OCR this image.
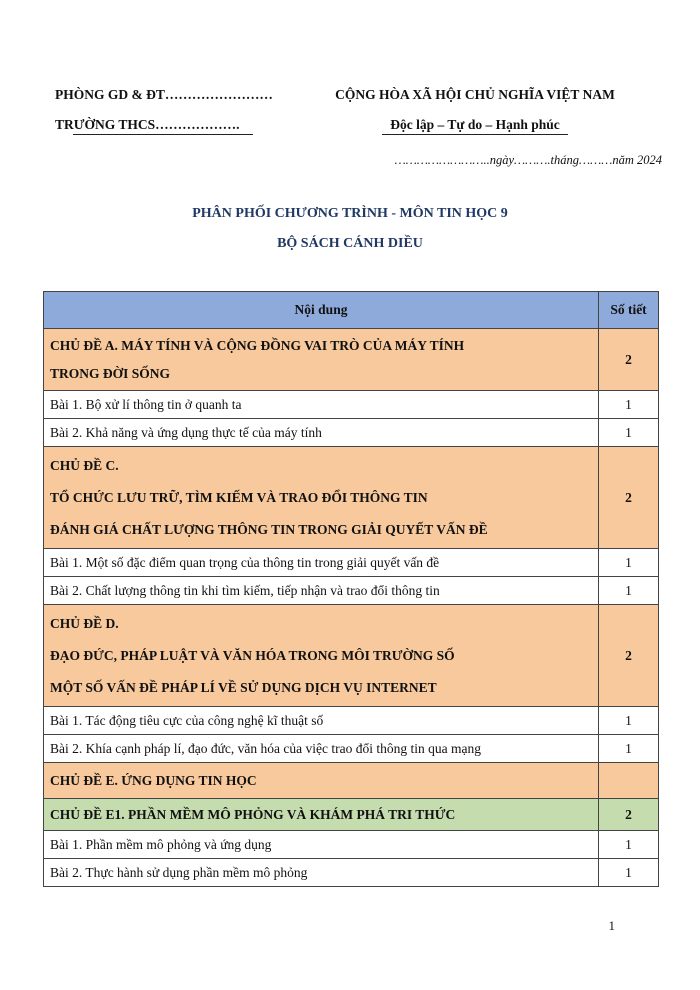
PHÒNG GD & ĐT……………………
TRƯỜNG THCS……………….
CỘNG HÒA XÃ HỘI CHỦ NGHĨA VIỆT NAM
Độc lập – Tự do – Hạnh phúc
……………………..ngày……….tháng………năm 2024
PHÂN PHỐI CHƯƠNG TRÌNH - MÔN TIN HỌC 9
BỘ SÁCH CÁNH DIỀU
Nội dung	Số tiết

CHỦ ĐỀ A. MÁY TÍNH VÀ CỘNG ĐỒNG VAI TRÒ CỦA MÁY TÍNH
TRONG ĐỜI SỐNG	2
Bài 1. Bộ xử lí thông tin ở quanh ta	1
Bài 2. Khả năng và ứng dụng thực tế của máy tính	1

CHỦ ĐỀ C.
TỔ CHỨC LƯU TRỮ, TÌM KIẾM VÀ TRAO ĐỔI THÔNG TIN
ĐÁNH GIÁ CHẤT LƯỢNG THÔNG TIN TRONG GIẢI QUYẾT VẤN ĐỀ	2
Bài 1. Một số đặc điểm quan trọng của thông tin trong giải quyết vấn đề	1
Bài 2. Chất lượng thông tin khi tìm kiếm, tiếp nhận và trao đổi thông tin	1

CHỦ ĐỀ D.
ĐẠO ĐỨC, PHÁP LUẬT VÀ VĂN HÓA TRONG MÔI TRƯỜNG SỐ
MỘT SỐ VẤN ĐỀ PHÁP LÍ VỀ SỬ DỤNG DỊCH VỤ INTERNET	2
Bài 1. Tác động tiêu cực của công nghệ kĩ thuật số	1
Bài 2. Khía cạnh pháp lí, đạo đức, văn hóa của việc trao đổi thông tin qua mạng	1
CHỦ ĐỀ E. ỨNG DỤNG TIN HỌC	
CHỦ ĐỀ E1. PHẦN MỀM MÔ PHỎNG VÀ KHÁM PHÁ TRI THỨC	2
Bài 1. Phần mềm mô phỏng và ứng dụng	1
Bài 2. Thực hành sử dụng phần mềm mô phỏng	1
1
